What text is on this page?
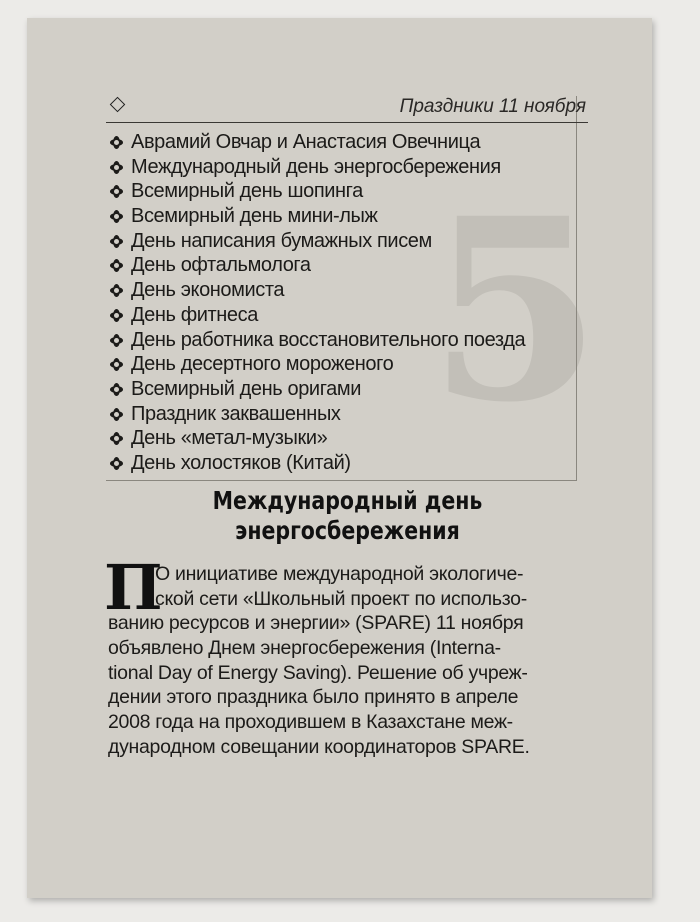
5
Праздники 11 ноября
Аврамий Овчар и Анастасия Овечница
Международный день энергосбережения
Всемирный день шопинга
Всемирный день мини-лыж
День написания бумажных писем
День офтальмолога
День экономиста
День фитнеса
День работника восстановительного поезда
День десертного мороженого
Всемирный день оригами
Праздник заквашенных
День «метал-музыки»
День холостяков (Китай)
Международный день
энергосбережения
П
О инициативе международной экологиче-
ской сети «Школьный проект по использо-
ванию ресурсов и энергии» (SPARE) 11 ноября
объявлено Днем энергосбережения (Interna-
tional Day of Energy Saving). Решение об учреж-
дении этого праздника было принято в апреле
2008 года на проходившем в Казахстане меж-
дународном совещании координаторов SPARE.
